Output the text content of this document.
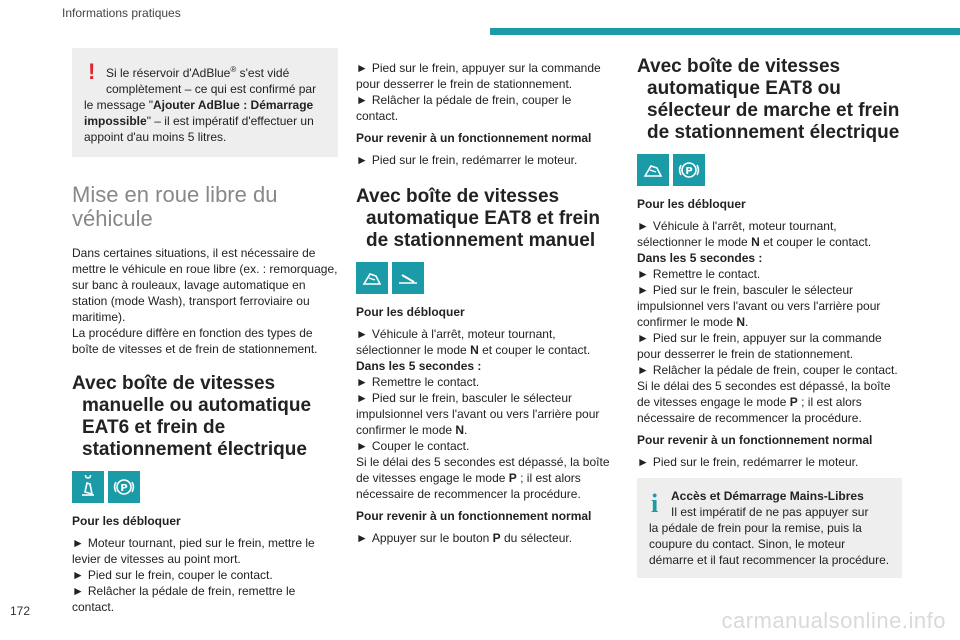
Informations pratiques
! Si le réservoir d'AdBlue® s'est vidé

complètement – ce qui est confirmé par

le message "Ajouter AdBlue : Démarrage impossible" – il est impératif d'effectuer un appoint d'au moins 5 litres.

Mise en roue libre du véhicule

Dans certaines situations, il est nécessaire de mettre le véhicule en roue libre (ex. : remorquage, sur banc à rouleaux, lavage automatique en station (mode Wash), transport ferroviaire ou maritime).

La procédure diffère en fonction des types de boîte de vitesses et de frein de stationnement.

Avec boîte de vitesses
manuelle ou automatique EAT6 et frein de stationnement électrique
P

Pour les débloquer

► Moteur tournant, pied sur le frein, mettre le levier de vitesses au point mort.

► Pied sur le frein, couper le contact.

► Relâcher la pédale de frein, remettre le contact.

► Pied sur le frein, appuyer sur la commande pour desserrer le frein de stationnement.

► Relâcher la pédale de frein, couper le contact.

Pour revenir à un fonctionnement normal

► Pied sur le frein, redémarrer le moteur.

Avec boîte de vitesses
automatique EAT8 et frein de stationnement manuel

Pour les débloquer

► Véhicule à l'arrêt, moteur tournant, sélectionner le mode N et couper le contact.

Dans les 5 secondes :

► Remettre le contact.

► Pied sur le frein, basculer le sélecteur impulsionnel vers l'avant ou vers l'arrière pour confirmer le mode N.

► Couper le contact.

Si le délai des 5 secondes est dépassé, la boîte de vitesses engage le mode P ; il est alors nécessaire de recommencer la procédure.

Pour revenir à un fonctionnement normal

► Appuyer sur le bouton P du sélecteur.

Avec boîte de vitesses
automatique EAT8 ou sélecteur de marche et frein de stationnement électrique
P

Pour les débloquer

► Véhicule à l'arrêt, moteur tournant, sélectionner le mode N et couper le contact.

Dans les 5 secondes :

► Remettre le contact.

► Pied sur le frein, basculer le sélecteur impulsionnel vers l'avant ou vers l'arrière pour confirmer le mode N.

► Pied sur le frein, appuyer sur la commande pour desserrer le frein de stationnement.

► Relâcher la pédale de frein, couper le contact.

Si le délai des 5 secondes est dépassé, la boîte de vitesses engage le mode P ; il est alors nécessaire de recommencer la procédure.

Pour revenir à un fonctionnement normal

► Pied sur le frein, redémarrer le moteur.

i	Accès et Démarrage Mains-Libres

Il est impératif de ne pas appuyer sur

la pédale de frein pour la remise, puis la coupure du contact. Sinon, le moteur démarre et il faut recommencer la procédure.

172	carmanualsonline.info
